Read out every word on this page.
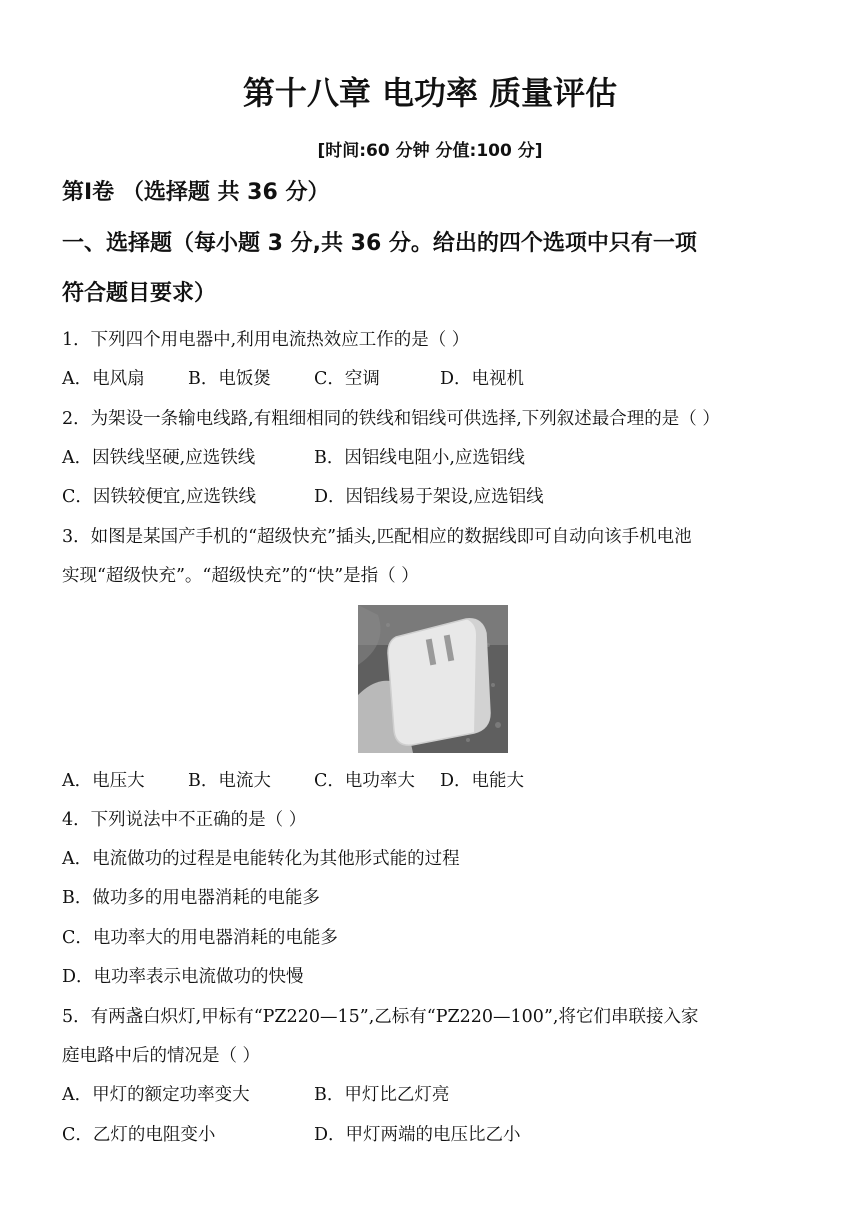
第十八章 电功率 质量评估
[时间:60 分钟 分值:100 分]
第Ⅰ卷 （选择题 共 36 分）
一、选择题（每小题 3 分,共 36 分。给出的四个选项中只有一项
符合题目要求）
1．下列四个用电器中,利用电流热效应工作的是（ ）
A．电风扇 B．电饭煲 C．空调	D．电视机
2．为架设一条输电线路,有粗细相同的铁线和铝线可供选择,下列叙述最合理的是（ ）
A．因铁线坚硬,应选铁线	B．因铝线电阻小,应选铝线
C．因铁较便宜,应选铁线	D．因铝线易于架设,应选铝线
3．如图是某国产手机的“超级快充”插头,匹配相应的数据线即可自动向该手机电池
实现“超级快充”。“超级快充”的“快”是指（ ）
A．电压大 B．电流大 C．电功率大 D．电能大
4．下列说法中不正确的是（ ）
A．电流做功的过程是电能转化为其他形式能的过程
B．做功多的用电器消耗的电能多
C．电功率大的用电器消耗的电能多
D．电功率表示电流做功的快慢
5．有两盏白炽灯,甲标有“PZ220—15”,乙标有“PZ220—100”,将它们串联接入家
庭电路中后的情况是（ ）
A．甲灯的额定功率变大	B．甲灯比乙灯亮
C．乙灯的电阻变小	D．甲灯两端的电压比乙小
